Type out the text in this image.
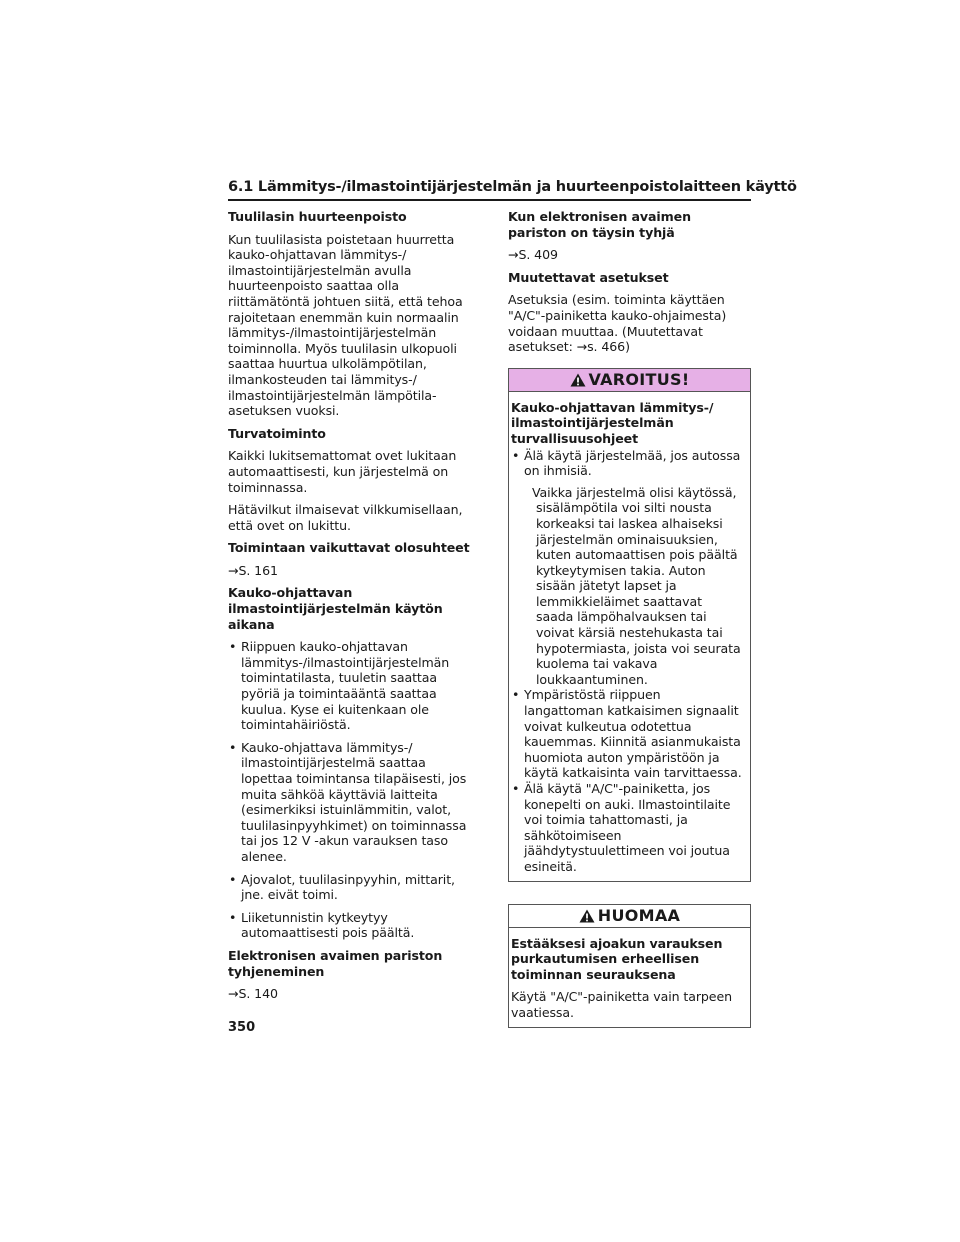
6.1 Lämmitys-/ilmastointijärjestelmän ja huurteenpoistolaitteen käyttö
Tuulilasin huurteenpoisto
Kun tuulilasista poistetaan huurretta kauko-ohjattavan lämmitys-/ ilmastointijärjestelmän avulla huurteenpoisto saattaa olla riittämätöntä johtuen siitä, että tehoa rajoitetaan enemmän kuin normaalin lämmitys-/ilmastointijärjestelmän toiminnolla. Myös tuulilasin ulkopuoli saattaa huurtua ulkolämpötilan, ilmankosteuden tai lämmitys-/ ilmastointijärjestelmän lämpötila-asetuksen vuoksi.
Turvatoiminto
Kaikki lukitsemattomat ovet lukitaan automaattisesti, kun järjestelmä on toiminnassa.
Hätävilkut ilmaisevat vilkkumisellaan, että ovet on lukittu.
Toimintaan vaikuttavat olosuhteet
→S. 161
Kauko-ohjattavan ilmastointijärjestelmän käytön aikana
• Riippuen kauko-ohjattavan lämmitys-/ilmastointijärjestelmän toimintatilasta, tuuletin saattaa pyöriä ja toimintaääntä saattaa kuulua. Kyse ei kuitenkaan ole toimintahäiriöstä.
• Kauko-ohjattava lämmitys-/ ilmastointijärjestelmä saattaa lopettaa toimintansa tilapäisesti, jos muita sähköä käyttäviä laitteita (esimerkiksi istuinlämmitin, valot, tuulilasinpyyhkimet) on toiminnassa tai jos 12 V -akun varauksen taso alenee.
• Ajovalot, tuulilasinpyyhin, mittarit, jne. eivät toimi.
• Liiketunnistin kytkeytyy automaattisesti pois päältä.
Elektronisen avaimen pariston tyhjeneminen
→S. 140
Kun elektronisen avaimen pariston on täysin tyhjä
→S. 409
Muutettavat asetukset
Asetuksia (esim. toiminta käyttäen "A/C"-painiketta kauko-ohjaimesta) voidaan muuttaa. (Muutettavat asetukset: →s. 466)
VAROITUS!
Kauko-ohjattavan lämmitys-/ ilmastointijärjestelmän turvallisuusohjeet
• Älä käytä järjestelmää, jos autossa on ihmisiä.
Vaikka järjestelmä olisi käytössä, sisälämpötila voi silti nousta korkeaksi tai laskea alhaiseksi järjestelmän ominaisuuksien, kuten automaattisen pois päältä kytkeytymisen takia. Auton sisään jätetyt lapset ja lemmikkieläimet saattavat saada lämpöhalvauksen tai voivat kärsiä nestehukasta tai hypotermiasta, joista voi seurata kuolema tai vakava loukkaantuminen.
• Ympäristöstä riippuen langattoman katkaisimen signaalit voivat kulkeutua odotettua kauemmas. Kiinnitä asianmukaista huomiota auton ympäristöön ja käytä katkaisinta vain tarvittaessa.
• Älä käytä "A/C"-painiketta, jos konepelti on auki. Ilmastointilaite voi toimia tahattomasti, ja sähkötoimiseen jäähdytystuulettimeen voi joutua esineitä.
HUOMAA
Estääksesi ajoakun varauksen purkautumisen erheellisen toiminnan seurauksena
Käytä "A/C"-painiketta vain tarpeen vaatiessa.
350
